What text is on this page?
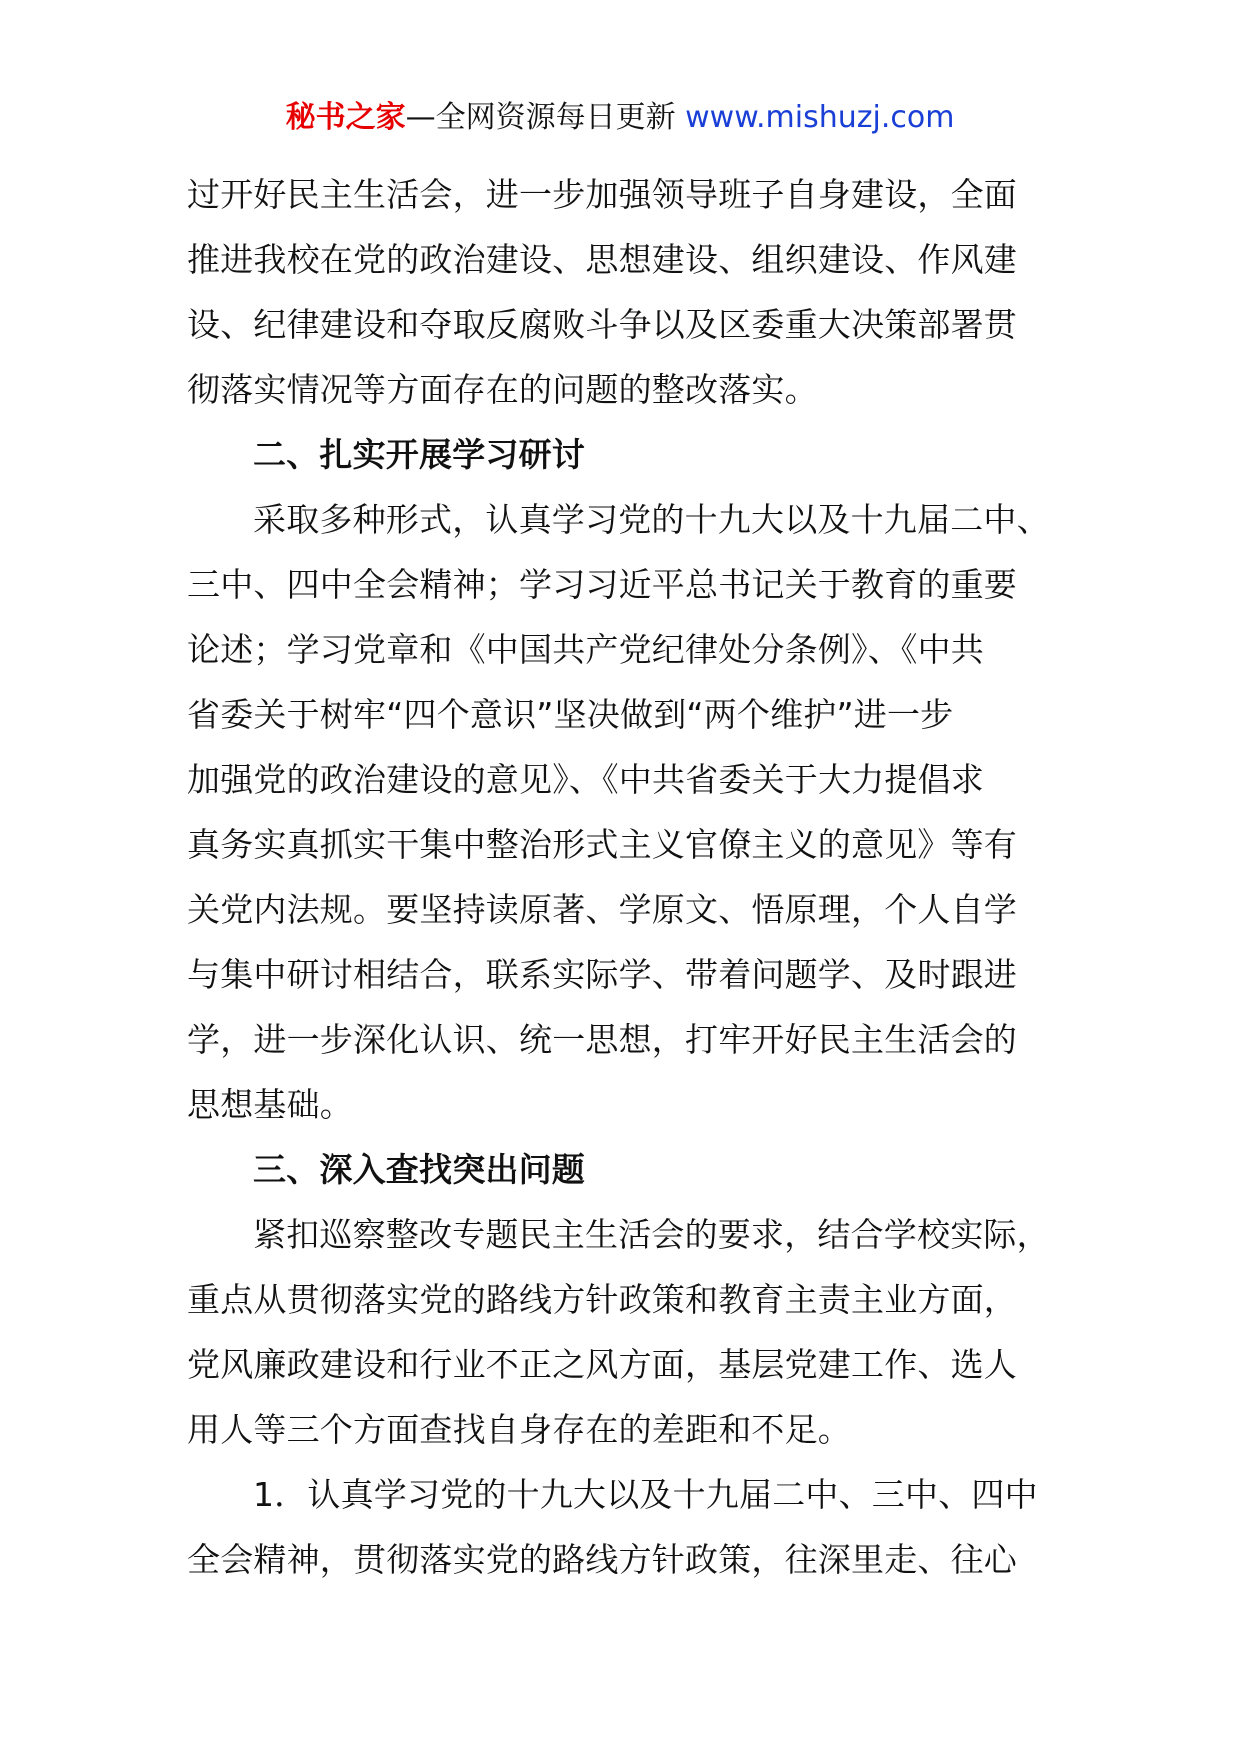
秘书之家—全网资源每日更新 www.mishuzj.com
过开好民主生活会，进一步加强领导班子自身建设，全面
推进我校在党的政治建设、思想建设、组织建设、作风建
设、纪律建设和夺取反腐败斗争以及区委重大决策部署贯
彻落实情况等方面存在的问题的整改落实。
二、扎实开展学习研讨
采取多种形式，认真学习党的十九大以及十九届二中、
三中、四中全会精神；学习习近平总书记关于教育的重要
论述；学习党章和《中国共产党纪律处分条例》、《中共
省委关于树牢“四个意识”坚决做到“两个维护”进一步
加强党的政治建设的意见》、《中共省委关于大力提倡求
真务实真抓实干集中整治形式主义官僚主义的意见》等有
关党内法规。要坚持读原著、学原文、悟原理，个人自学
与集中研讨相结合，联系实际学、带着问题学、及时跟进
学，进一步深化认识、统一思想，打牢开好民主生活会的
思想基础。
三、深入查找突出问题
紧扣巡察整改专题民主生活会的要求，结合学校实际，
重点从贯彻落实党的路线方针政策和教育主责主业方面，
党风廉政建设和行业不正之风方面，基层党建工作、选人
用人等三个方面查找自身存在的差距和不足。
1．认真学习党的十九大以及十九届二中、三中、四中
全会精神，贯彻落实党的路线方针政策，往深里走、往心
